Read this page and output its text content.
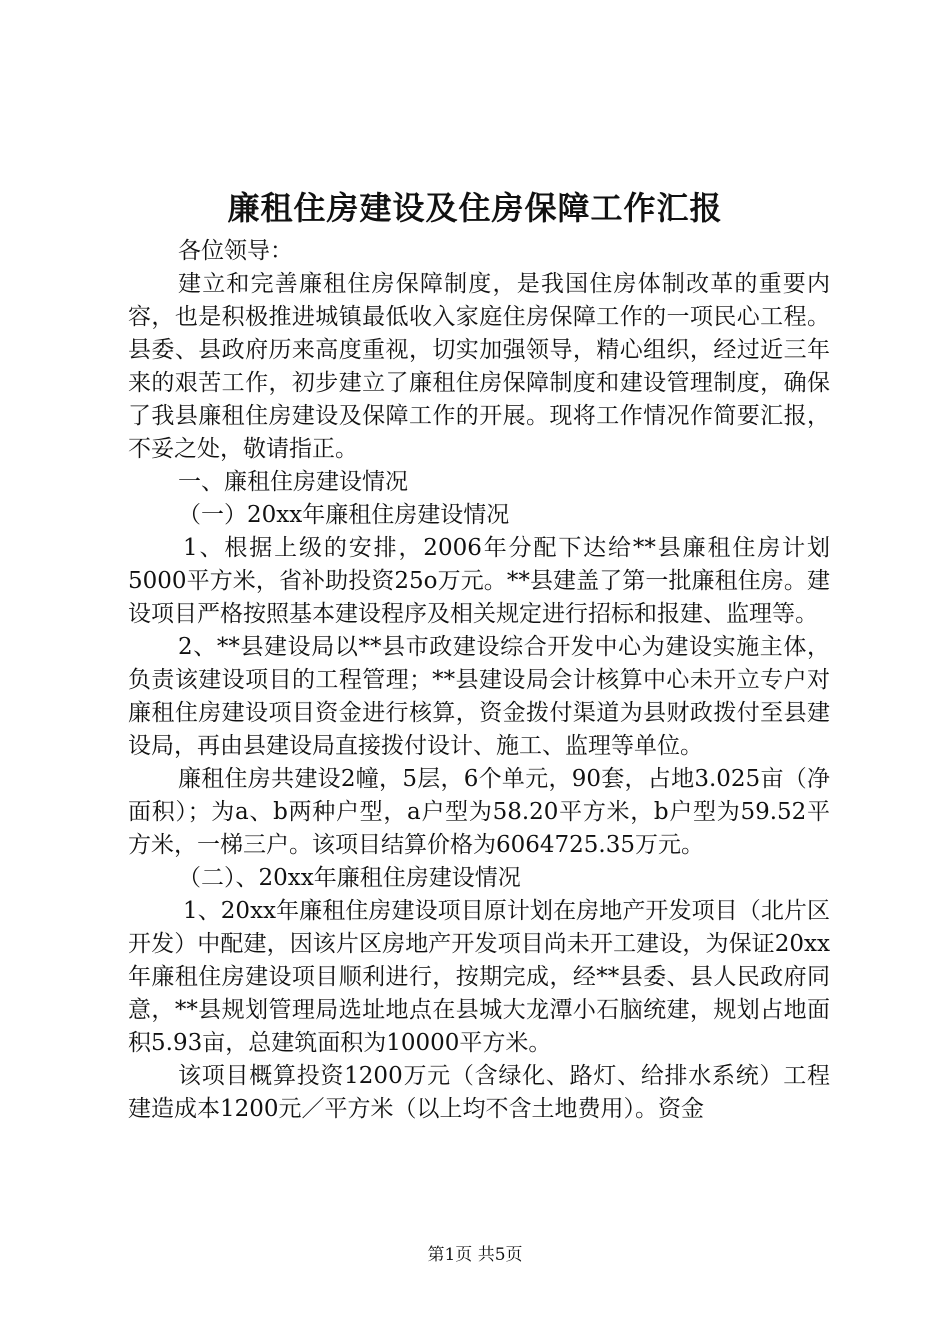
廉租住房建设及住房保障工作汇报

各位领导：

建立和完善廉租住房保障制度，是我国住房体制改革的重要内容，也是积极推进城镇最低收入家庭住房保障工作的一项民心工程。县委、县政府历来高度重视，切实加强领导，精心组织，经过近三年来的艰苦工作，初步建立了廉租住房保障制度和建设管理制度，确保了我县廉租住房建设及保障工作的开展。现将工作情况作简要汇报，不妥之处，敬请指正。

一、廉租住房建设情况

（一）20xx年廉租住房建设情况

1、根据上级的安排，2006年分配下达给**县廉租住房计划5000平方米，省补助投资25o万元。**县建盖了第一批廉租住房。建设项目严格按照基本建设程序及相关规定进行招标和报建、监理等。

2、**县建设局以**县市政建设综合开发中心为建设实施主体，负责该建设项目的工程管理；**县建设局会计核算中心未开立专户对廉租住房建设项目资金进行核算，资金拨付渠道为县财政拨付至县建设局，再由县建设局直接拨付设计、施工、监理等单位。

廉租住房共建设2幢，5层，6个单元，90套，占地3.025亩（净面积）；为a、b两种户型，a户型为58.20平方米，b户型为59.52平方米，一梯三户。该项目结算价格为6064725.35万元。

（二）、20xx年廉租住房建设情况

1、20xx年廉租住房建设项目原计划在房地产开发项目（北片区开发）中配建，因该片区房地产开发项目尚未开工建设，为保证20xx年廉租住房建设项目顺利进行，按期完成，经**县委、县人民政府同意，**县规划管理局选址地点在县城大龙潭小石脑统建，规划占地面积5.93亩，总建筑面积为10000平方米。

该项目概算投资1200万元（含绿化、路灯、给排水系统）工程建造成本1200元／平方米（以上均不含土地费用）。资金

第1页 共5页
